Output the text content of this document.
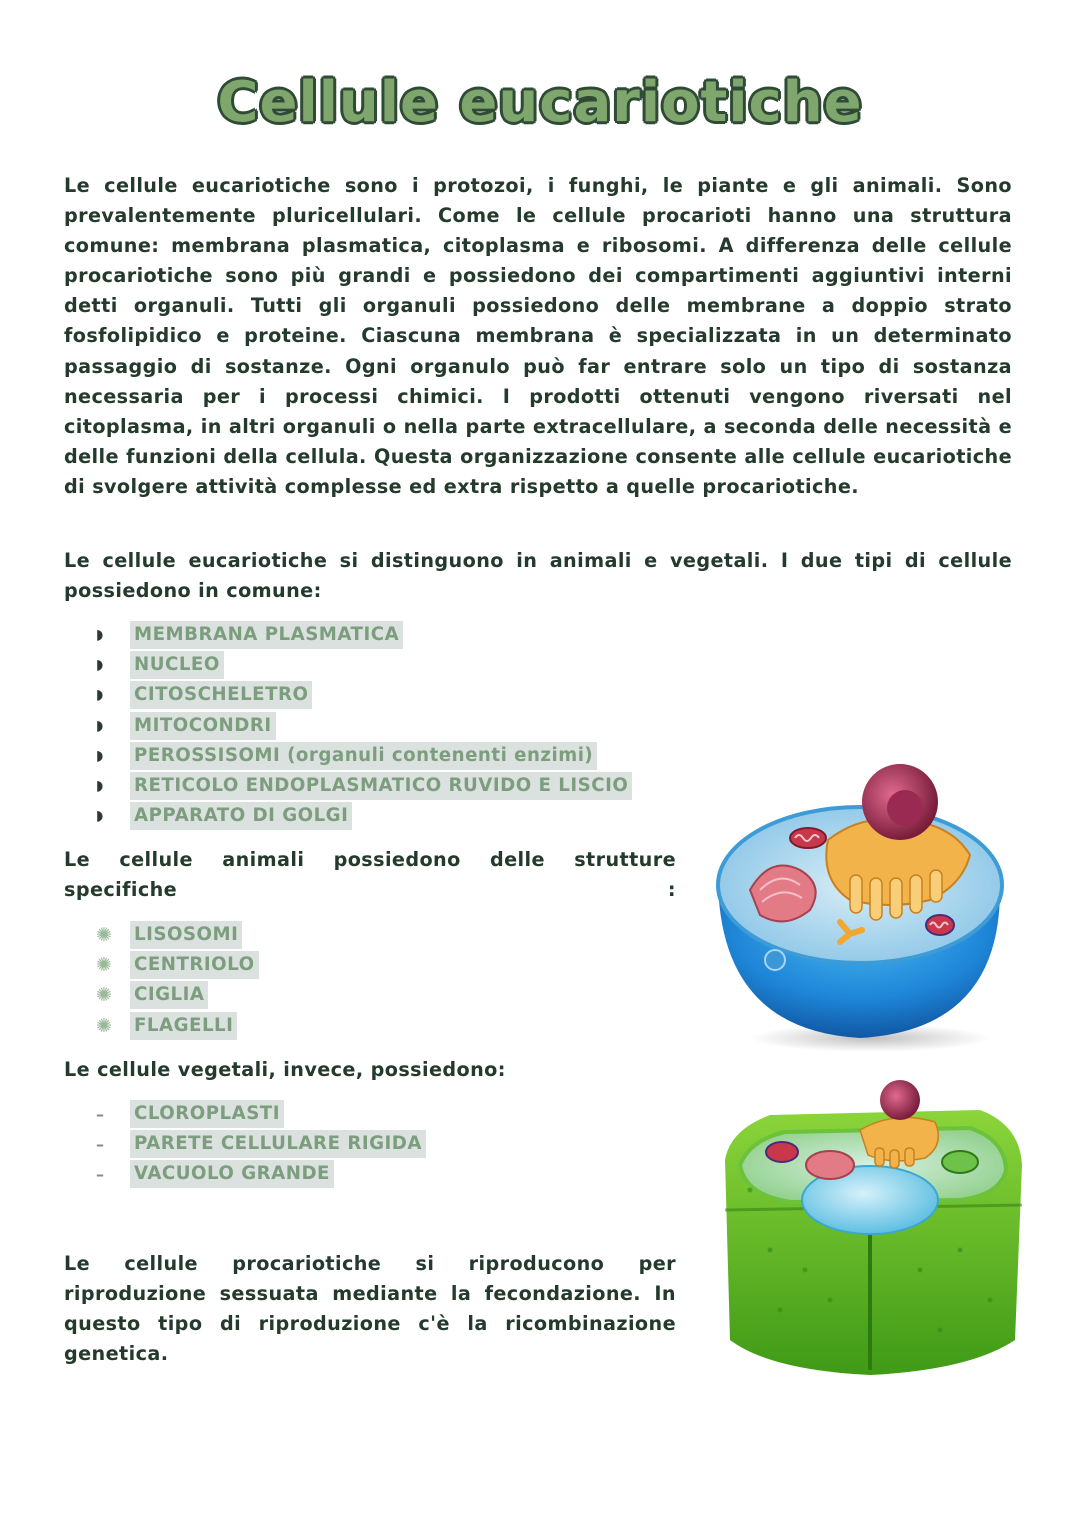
Cellule eucariotiche

Le cellule eucariotiche sono i protozoi, i funghi, le piante e gli animali. Sono prevalentemente pluricellulari. Come le cellule procarioti hanno una struttura comune: membrana plasmatica, citoplasma e ribosomi. A differenza delle cellule procariotiche sono più grandi e possiedono dei compartimenti aggiuntivi interni detti organuli. Tutti gli organuli possiedono delle membrane a doppio strato fosfolipidico e proteine. Ciascuna membrana è specializzata in un determinato passaggio di sostanze. Ogni organulo può far entrare solo un tipo di sostanza necessaria per i processi chimici. I prodotti ottenuti vengono riversati nel citoplasma, in altri organuli o nella parte extracellulare, a seconda delle necessità e delle funzioni della cellula. Questa organizzazione consente alle cellule eucariotiche di svolgere attività complesse ed extra rispetto a quelle procariotiche.

Le cellule eucariotiche si distinguono in animali e vegetali. I due tipi di cellule possiedono in comune:

◗	MEMBRANA PLASMATICA
◗	NUCLEO
◗	CITOSCHELETRO
◗	MITOCONDRI
◗	PEROSSISOMI (organuli contenenti enzimi)
◗	RETICOLO ENDOPLASMATICO RUVIDO E LISCIO
◗	APPARATO DI GOLGI

Le cellule animali possiedono delle strutture specifiche :

✺	LISOSOMI
✺	CENTRIOLO
✺	CIGLIA
✺	FLAGELLI

Le cellule vegetali, invece, possiedono:

–	CLOROPLASTI
–	PARETE CELLULARE RIGIDA
–	VACUOLO GRANDE

Le cellule procariotiche si riproducono per riproduzione sessuata mediante la fecondazione. In questo tipo di riproduzione c'è la ricombinazione genetica.
